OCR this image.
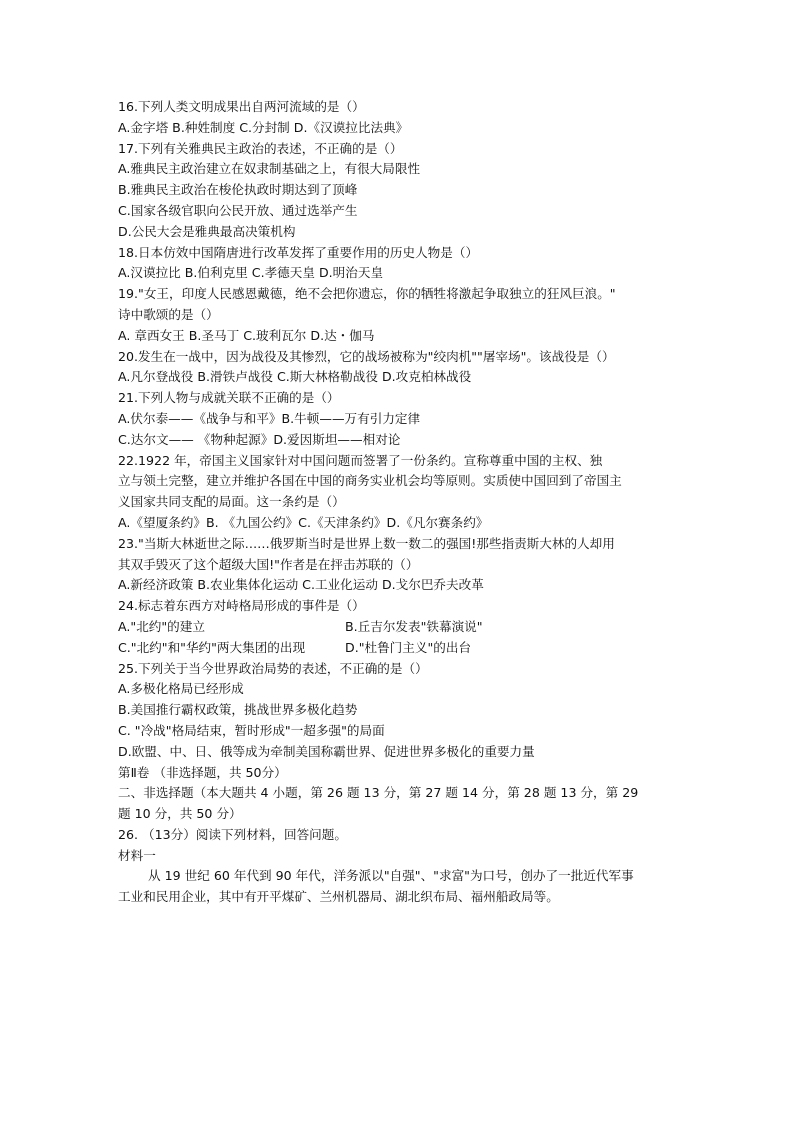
16.下列人类文明成果出自两河流域的是（）
A.金字塔 B.种姓制度 C.分封制 D.《汉谟拉比法典》
17.下列有关雅典民主政治的表述，不正确的是（）
A.雅典民主政治建立在奴隶制基础之上，有很大局限性
B.雅典民主政治在梭伦执政时期达到了顶峰
C.国家各级官职向公民开放、通过选举产生
D.公民大会是雅典最高决策机构
18.日本仿效中国隋唐进行改革发挥了重要作用的历史人物是（）
A.汉谟拉比 B.伯利克里 C.孝德天皇 D.明治天皇
19."女王，印度人民感恩戴德，绝不会把你遗忘，你的牺牲将激起争取独立的狂风巨浪。"
诗中歌颂的是（）
A. 章西女王 B.圣马丁 C.玻利瓦尔 D.达・伽马
20.发生在一战中，因为战役及其惨烈，它的战场被称为"绞肉机""屠宰场"。该战役是（）
A.凡尔登战役 B.滑铁卢战役 C.斯大林格勒战役 D.攻克柏林战役
21.下列人物与成就关联不正确的是（）
A.伏尔泰——《战争与和平》B.牛顿——万有引力定律
C.达尔文—— 《物种起源》D.爱因斯坦——相对论
22.1922 年，帝国主义国家针对中国问题而签署了一份条约。宣称尊重中国的主权、独
立与领土完整，建立并维护各国在中国的商务实业机会均等原则。实质使中国回到了帝国主
义国家共同支配的局面。这一条约是（）
A.《望厦条约》B. 《九国公约》C.《天津条约》D.《凡尔赛条约》
23."当斯大林逝世之际……俄罗斯当时是世界上数一数二的强国!那些指责斯大林的人却用
其双手毁灭了这个超级大国!"作者是在抨击苏联的（）
A.新经济政策 B.农业集体化运动 C.工业化运动 D.戈尔巴乔夫改革
24.标志着东西方对峙格局形成的事件是（）
A."北约"的建立	B.丘吉尔发表"铁幕演说"
C."北约"和"华约"两大集团的出现	D."杜鲁门主义"的出台
25.下列关于当今世界政治局势的表述，不正确的是（）
A.多极化格局已经形成
B.美国推行霸权政策，挑战世界多极化趋势
C. "冷战"格局结束，暂时形成"一超多强"的局面
D.欧盟、中、日、俄等成为牵制美国称霸世界、促进世界多极化的重要力量
第Ⅱ卷 （非选择题，共 50分）
二、非选择题（本大题共 4 小题，第 26 题 13 分，第 27 题 14 分，第 28 题 13 分，第 29
题 10 分，共 50 分）
26. （13分）阅读下列材料，回答问题。
材料一
从 19 世纪 60 年代到 90 年代，洋务派以"自强"、"求富"为口号，创办了一批近代军事
工业和民用企业，其中有开平煤矿、兰州机器局、湖北织布局、福州船政局等。
